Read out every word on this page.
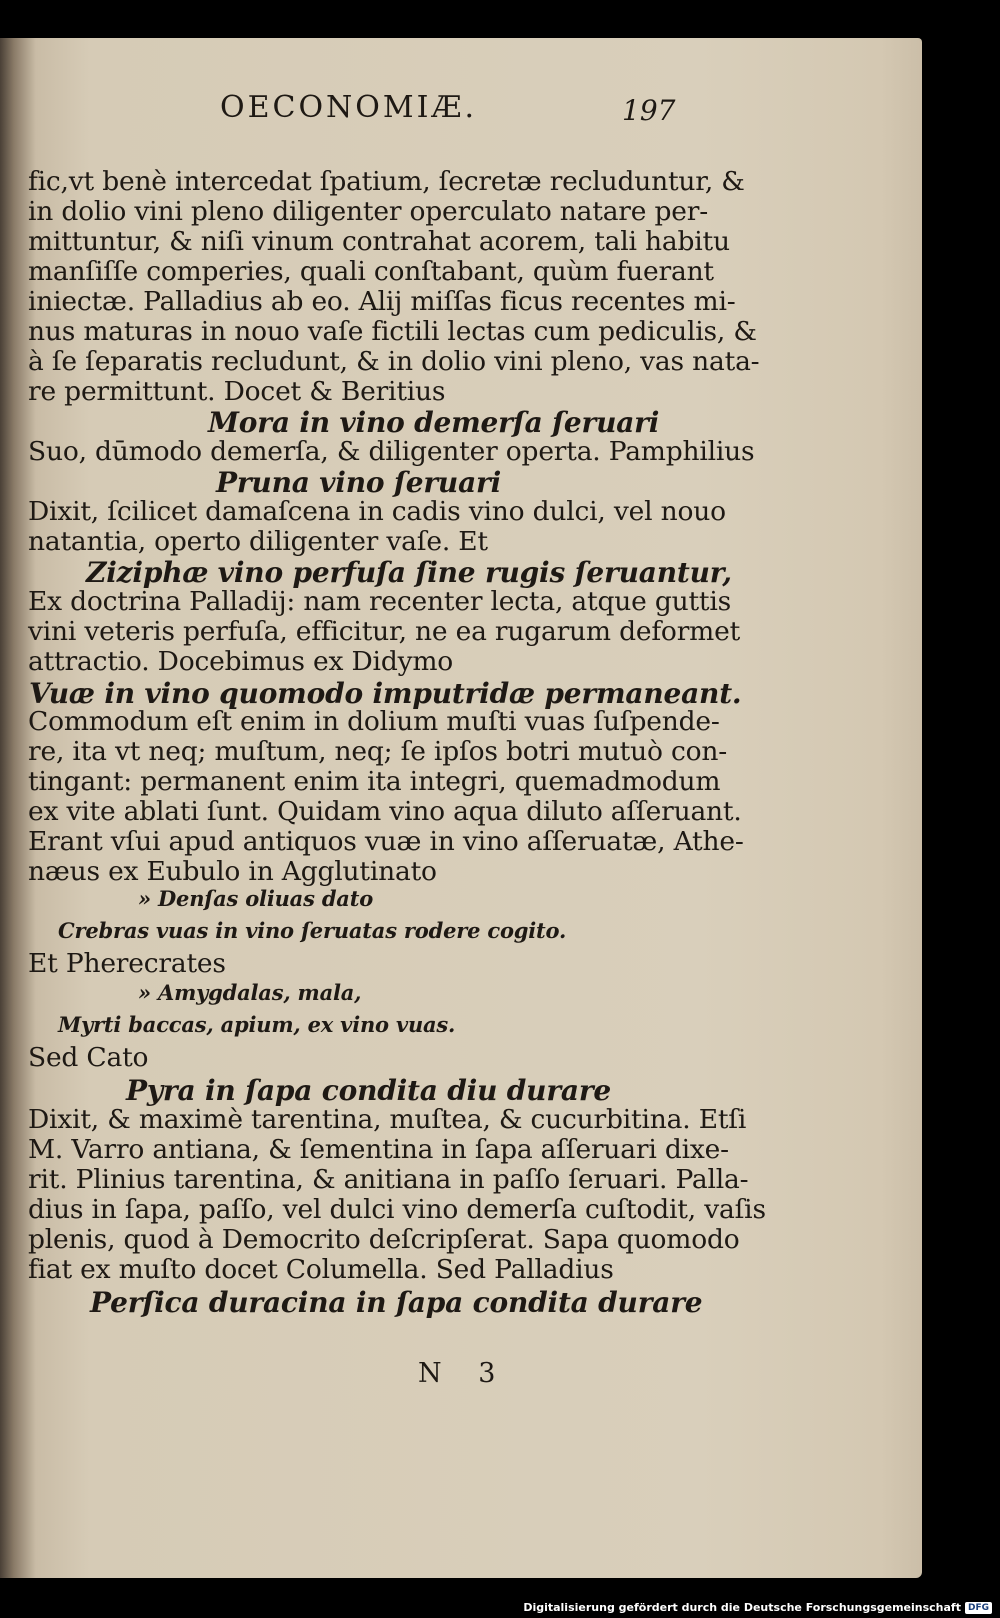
OECONOMIÆ.	197
fic,vt benè intercedat ſpatium, ſecretæ recluduntur, &
in dolio vini pleno diligenter operculato natare per-
mittuntur, & niſi vinum contrahat acorem, tali habitu
manſiſſe comperies, quali conſtabant, quùm fuerant
iniectæ. Palladius ab eo. Alij miſſas ficus recentes mi-
nus maturas in nouo vaſe fictili lectas cum pediculis, &
à ſe ſeparatis recludunt, & in dolio vini pleno, vas nata-
re permittunt. Docet & Beritius
Mora in vino demerſa ſeruari
Suo, dūmodo demerſa, & diligenter operta. Pamphilius
Pruna vino ſeruari
Dixit, ſcilicet damaſcena in cadis vino dulci, vel nouo
natantia, operto diligenter vaſe. Et
Ziziphæ vino perfuſa ſine rugis ſeruantur,
Ex doctrina Palladij: nam recenter lecta, atque guttis
vini veteris perfuſa, efficitur, ne ea rugarum deformet
attractio. Docebimus ex Didymo
Vuæ in vino quomodo imputridæ permaneant.
Commodum eſt enim in dolium muſti vuas ſuſpende-
re, ita vt neq; muſtum, neq; ſe ipſos botri mutuò con-
tingant: permanent enim ita integri, quemadmodum
ex vite ablati ſunt. Quidam vino aqua diluto aſſeruant.
Erant vſui apud antiquos vuæ in vino aſſeruatæ, Athe-
næus ex Eubulo in Agglutinato
» Denſas oliuas dato
Crebras vuas in vino ſeruatas rodere cogito.
Et Pherecrates
» Amygdalas, mala,
Myrti baccas, apium, ex vino vuas.
Sed Cato
Pyra in ſapa condita diu durare
Dixit, & maximè tarentina, muſtea, & cucurbitina. Etſi
M. Varro antiana, & ſementina in ſapa aſſeruari dixe-
rit. Plinius tarentina, & anitiana in paſſo ſeruari. Palla-
dius in ſapa, paſſo, vel dulci vino demerſa cuſtodit, vaſis
plenis, quod à Democrito deſcripſerat. Sapa quomodo
fiat ex muſto docet Columella. Sed Palladius
Perſica duracina in ſapa condita durare
N 3
Digitalisierung gefördert durch die Deutsche Forschungsgemeinschaft DFG
